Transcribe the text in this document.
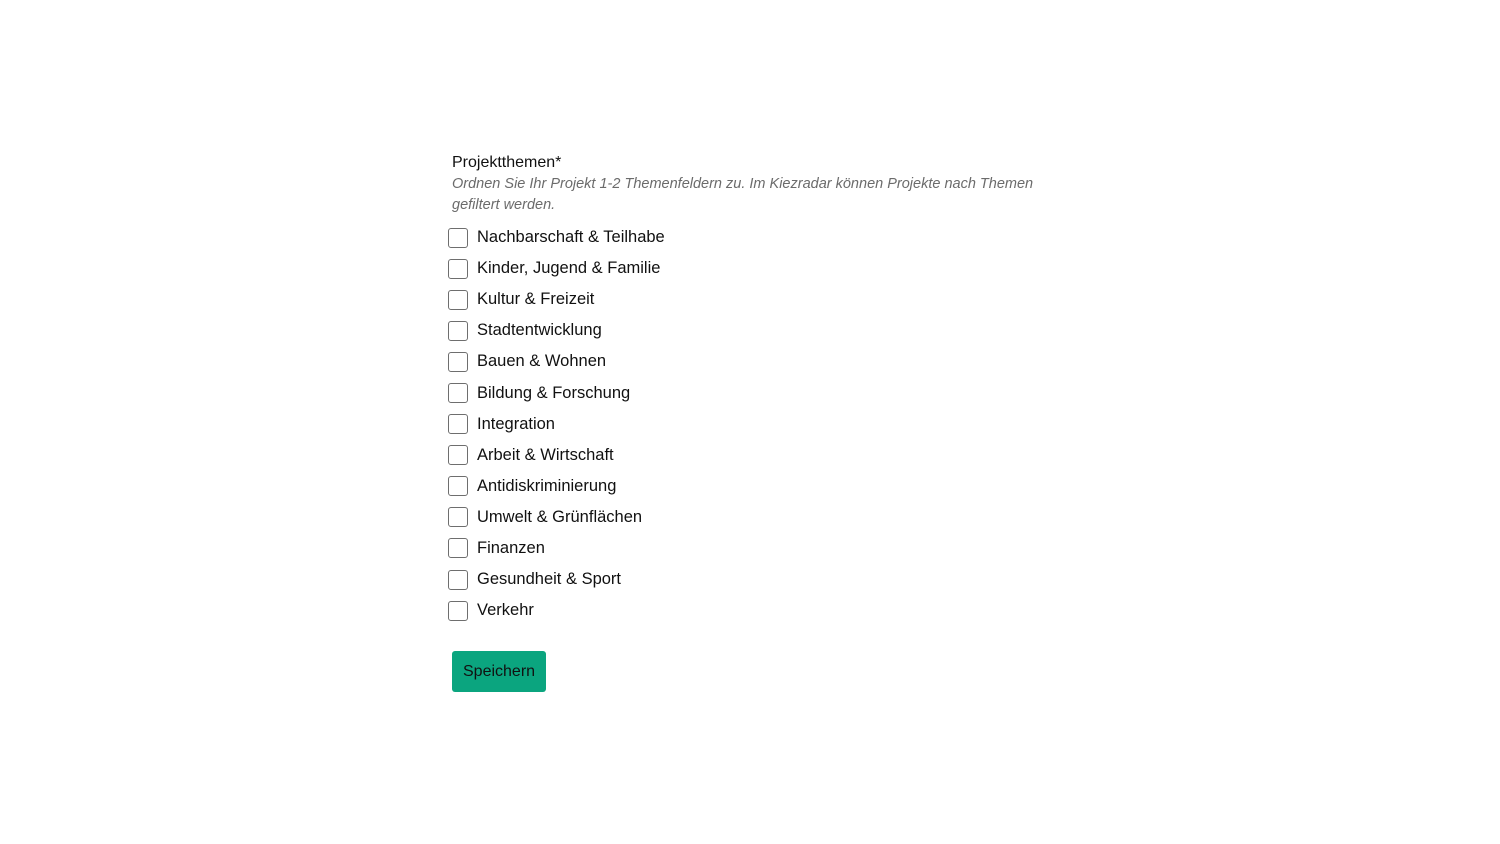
Projektthemen*

Ordnen Sie Ihr Projekt 1-2 Themenfeldern zu. Im Kiezradar können Projekte nach Themen gefiltert werden.

Nachbarschaft & Teilhabe
Kinder, Jugend & Familie
Kultur & Freizeit
Stadtentwicklung
Bauen & Wohnen
Bildung & Forschung
Integration
Arbeit & Wirtschaft
Antidiskriminierung
Umwelt & Grünflächen
Finanzen
Gesundheit & Sport
Verkehr
Speichern
